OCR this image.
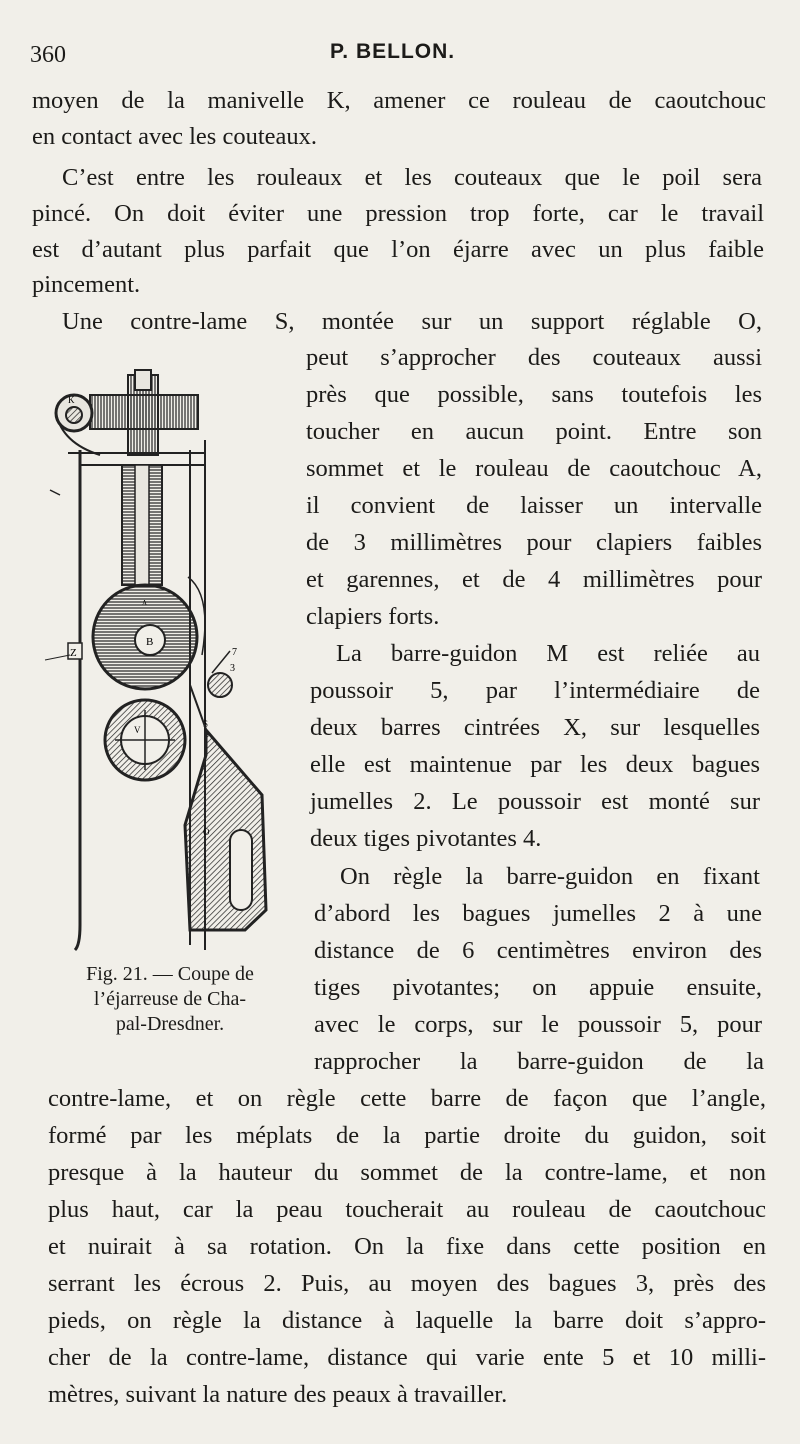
360	P. BELLON.
moyen de la manivelle K, amener ce rouleau de caoutchouc
en contact avec les couteaux.
C’est entre les rouleaux et les couteaux que le poil sera
pincé. On doit éviter une pression trop forte, car le travail
est d’autant plus parfait que l’on éjarre avec un plus faible
pincement.
Une contre-lame S, montée sur un support réglable O,
peut s’approcher des couteaux aussi
près que possible, sans toutefois les
toucher en aucun point. Entre son
sommet et le rouleau de caoutchouc A,
il convient de laisser un intervalle
de 3 millimètres pour clapiers faibles
et garennes, et de 4 millimètres pour
clapiers forts.
La barre-guidon M est reliée au
poussoir 5, par l’intermédiaire de
deux barres cintrées X, sur lesquelles
elle est maintenue par les deux bagues
jumelles 2. Le poussoir est monté sur
deux tiges pivotantes 4.
On règle la barre-guidon en fixant
d’abord les bagues jumelles 2 à une
distance de 6 centimètres environ des
tiges pivotantes; on appuie ensuite,
avec le corps, sur le poussoir 5, pour
rapprocher la barre-guidon de la
contre-lame, et on règle cette barre de façon que l’angle,
formé par les méplats de la partie droite du guidon, soit
presque à la hauteur du sommet de la contre-lame, et non
plus haut, car la peau toucherait au rouleau de caoutchouc
et nuirait à sa rotation. On la fixe dans cette position en
serrant les écrous 2. Puis, au moyen des bagues 3, près des
pieds, on règle la distance à laquelle la barre doit s’appro-
cher de la contre-lame, distance qui varie ente 5 et 10 milli-
mètres, suivant la nature des peaux à travailler.
K
B
A
Z
V
7
3
S
O
Fig. 21. — Coupe de
l’éjarreuse de Cha-
pal-Dresdner.
